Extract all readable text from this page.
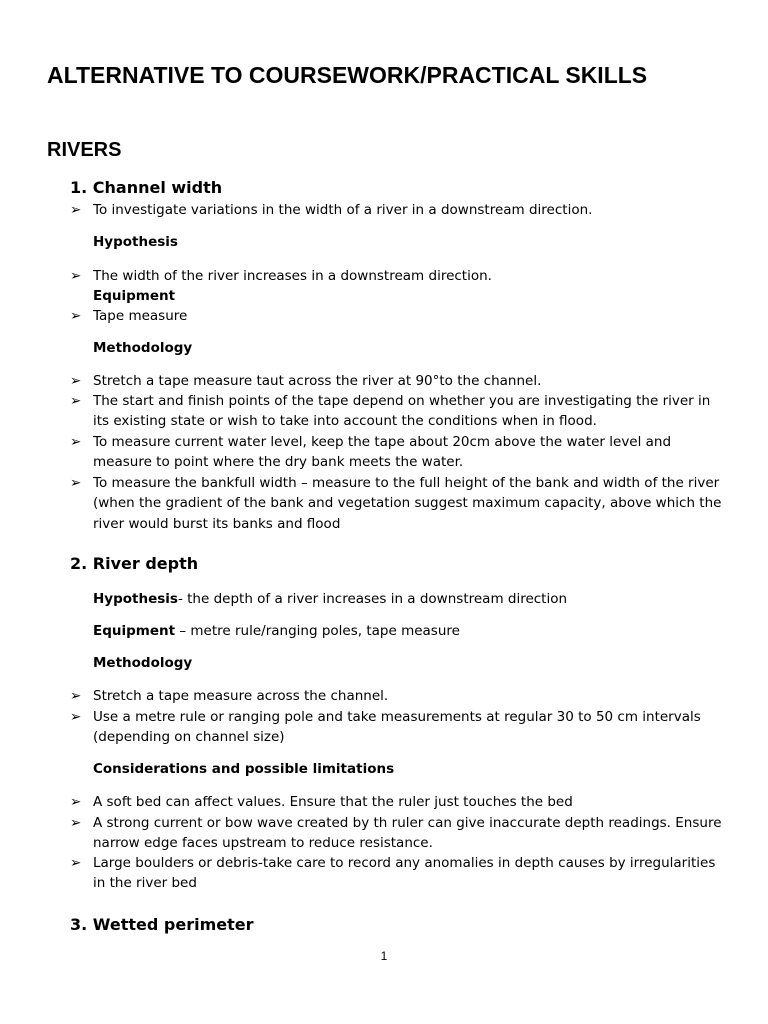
ALTERNATIVE TO COURSEWORK/PRACTICAL SKILLS
RIVERS
1. Channel width
➢ To investigate variations in the width of a river in a downstream direction.
Hypothesis
➢ The width of the river increases in a downstream direction.
Equipment
➢ Tape measure
Methodology
➢ Stretch a tape measure taut across the river at 90°to the channel.
➢ The start and finish points of the tape depend on whether you are investigating the river in its existing state or wish to take into account the conditions when in flood.
➢ To measure current water level, keep the tape about 20cm above the water level and measure to point where the dry bank meets the water.
➢ To measure the bankfull width – measure to the full height of the bank and width of the river (when the gradient of the bank and vegetation suggest maximum capacity, above which the river would burst its banks and flood
2. River depth

Hypothesis- the depth of a river increases in a downstream direction

Equipment – metre rule/ranging poles, tape measure

Methodology
➢ Stretch a tape measure across the channel.
➢ Use a metre rule or ranging pole and take measurements at regular 30 to 50 cm intervals (depending on channel size)
Considerations and possible limitations
➢ A soft bed can affect values. Ensure that the ruler just touches the bed
➢ A strong current or bow wave created by th ruler can give inaccurate depth readings. Ensure narrow edge faces upstream to reduce resistance.
➢ Large boulders or debris-take care to record any anomalies in depth causes by irregularities in the river bed
3. Wetted perimeter
1
